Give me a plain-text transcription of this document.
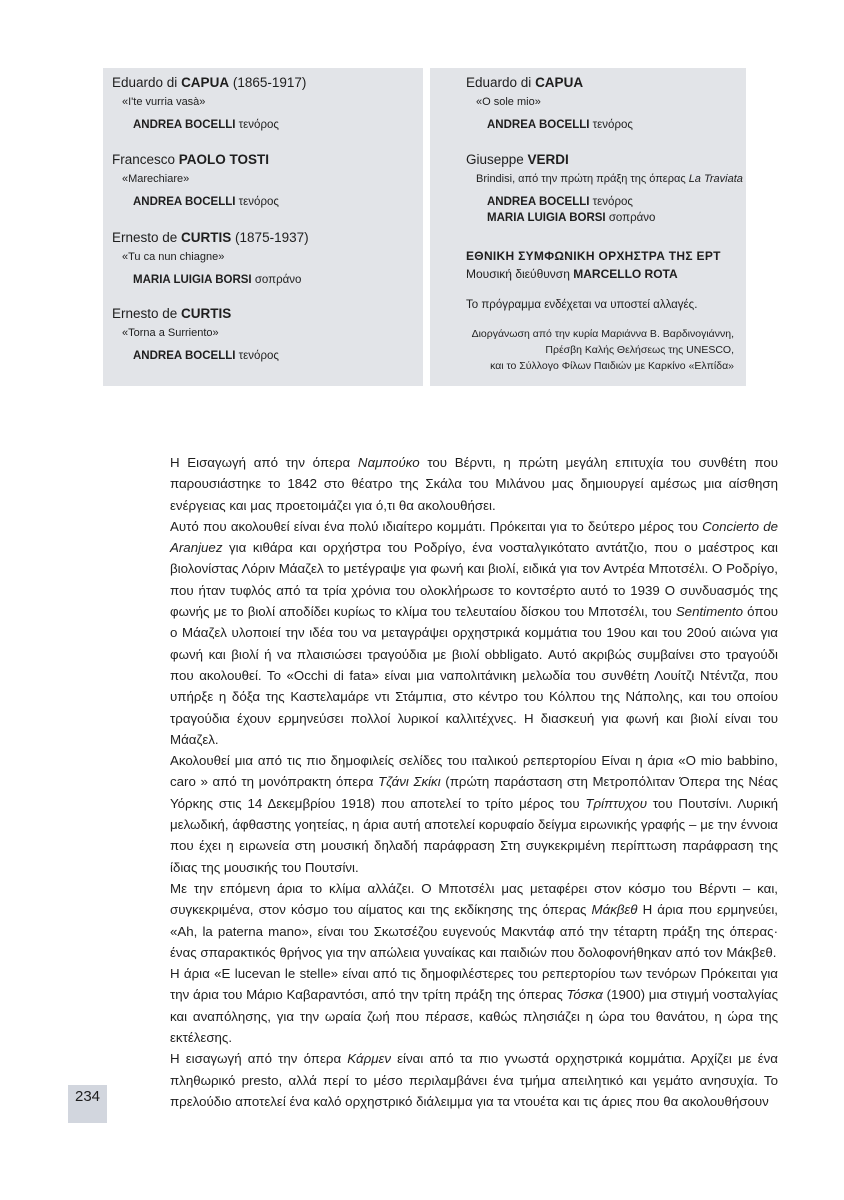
Eduardo di CAPUA (1865-1917)
«I'te vurria vasà»
ANDREA BOCELLI τενόρος
Francesco PAOLO TOSTI
«Marechiare»
ANDREA BOCELLI τενόρος
Ernesto de CURTIS (1875-1937)
«Tu ca nun chiagne»
MARIA LUIGIA BORSI σοπράνο
Ernesto de CURTIS
«Torna a Surriento»
ANDREA BOCELLI τενόρος
Eduardo di CAPUA
«O sole mio»
ANDREA BOCELLI τενόρος
Giuseppe VERDI
Brindisi, από την πρώτη πράξη της όπερας La Traviata
ANDREA BOCELLI τενόρος
MARIA LUIGIA BORSI σοπράνο
ΕΘΝΙΚΗ ΣΥΜΦΩΝΙΚΗ ΟΡΧΗΣΤΡΑ ΤΗΣ ΕΡΤ
Μουσική διεύθυνση MARCELLO ROTA
Το πρόγραμμα ενδέχεται να υποστεί αλλαγές.
Διοργάνωση από την κυρία Μαριάννα Β. Βαρδινογιάννη,
Πρέσβη Καλής Θελήσεως της UNESCO,
και το Σύλλογο Φίλων Παιδιών με Καρκίνο «Ελπίδα»

Η Εισαγωγή από την όπερα Ναμπούκο του Βέρντι, η πρώτη μεγάλη επιτυχία του συνθέτη που παρουσιάστηκε το 1842 στο θέατρο της Σκάλα του Μιλάνου μας δημιουργεί αμέσως μια αίσθηση ενέργειας και μας προετοιμάζει για ό,τι θα ακολουθήσει.

Αυτό που ακολουθεί είναι ένα πολύ ιδιαίτερο κομμάτι. Πρόκειται για το δεύτερο μέρος του Concierto de Aranjuez για κιθάρα και ορχήστρα του Ροδρίγο, ένα νοσταλγικότατο αντάτζιο, που ο μαέστρος και βιολονίστας Λόριν Μάαζελ το μετέγραψε για φωνή και βιολί, ειδικά για τον Αντρέα Μποτσέλι. Ο Ροδρίγο, που ήταν τυφλός από τα τρία χρόνια του ολοκλήρωσε το κοντσέρτο αυτό το 1939 Ο συνδυασμός της φωνής με το βιολί αποδίδει κυρίως το κλίμα του τελευταίου δίσκου του Μποτσέλι, του Sentimento όπου ο Μάαζελ υλοποιεί την ιδέα του να μεταγράψει ορχηστρικά κομμάτια του 19ου και του 20ού αιώνα για φωνή και βιολί ή να πλαισιώσει τραγούδια με βιολί obbligato. Αυτό ακριβώς συμβαίνει στο τραγούδι που ακολουθεί. Το «Occhi di fata» είναι μια ναπολιτάνικη μελωδία του συνθέτη Λουίτζι Ντέντζα, που υπήρξε η δόξα της Καστελαμάρε ντι Στάμπια, στο κέντρο του Κόλπου της Νάπολης, και του οποίου τραγούδια έχουν ερμηνεύσει πολλοί λυρικοί καλλιτέχνες. Η διασκευή για φωνή και βιολί είναι του Μάαζελ.

Ακολουθεί μια από τις πιο δημοφιλείς σελίδες του ιταλικού ρεπερτορίου Είναι η άρια «O mio babbino, caro » από τη μονόπρακτη όπερα Τζάνι Σκίκι (πρώτη παράσταση στη Μετροπόλιταν Όπερα της Νέας Υόρκης στις 14 Δεκεμβρίου 1918) που αποτελεί το τρίτο μέρος του Τρίπτυχου του Πουτσίνι. Λυρική μελωδική, άφθαστης γοητείας, η άρια αυτή αποτελεί κορυφαίο δείγμα ειρωνικής γραφής – με την έννοια που έχει η ειρωνεία στη μουσική δηλαδή παράφραση Στη συγκεκριμένη περίπτωση παράφραση της ίδιας της μουσικής του Πουτσίνι.

Με την επόμενη άρια το κλίμα αλλάζει. Ο Μποτσέλι μας μεταφέρει στον κόσμο του Βέρντι – και, συγκεκριμένα, στον κόσμο του αίματος και της εκδίκησης της όπερας Μάκβεθ Η άρια που ερμηνεύει, «Ah, la paterna mano», είναι του Σκωτσέζου ευγενούς Μακντάφ από την τέταρτη πράξη της όπερας· ένας σπαρακτικός θρήνος για την απώλεια γυναίκας και παιδιών που δολοφονήθηκαν από τον Μάκβεθ.

Η άρια «E lucevan le stelle» είναι από τις δημοφιλέστερες του ρεπερτορίου των τενόρων Πρόκειται για την άρια του Μάριο Καβαραντόσι, από την τρίτη πράξη της όπερας Τόσκα (1900) μια στιγμή νοσταλγίας και αναπόλησης, για την ωραία ζωή που πέρασε, καθώς πλησιάζει η ώρα του θανάτου, η ώρα της εκτέλεσης.

Η εισαγωγή από την όπερα Κάρμεν είναι από τα πιο γνωστά ορχηστρικά κομμάτια. Αρχίζει με ένα πληθωρικό presto, αλλά περί το μέσο περιλαμβάνει ένα τμήμα απειλητικό και γεμάτο ανησυχία. Το πρελούδιο αποτελεί ένα καλό ορχηστρικό διάλειμμα για τα ντουέτα και τις άριες που θα ακολουθήσουν

234
